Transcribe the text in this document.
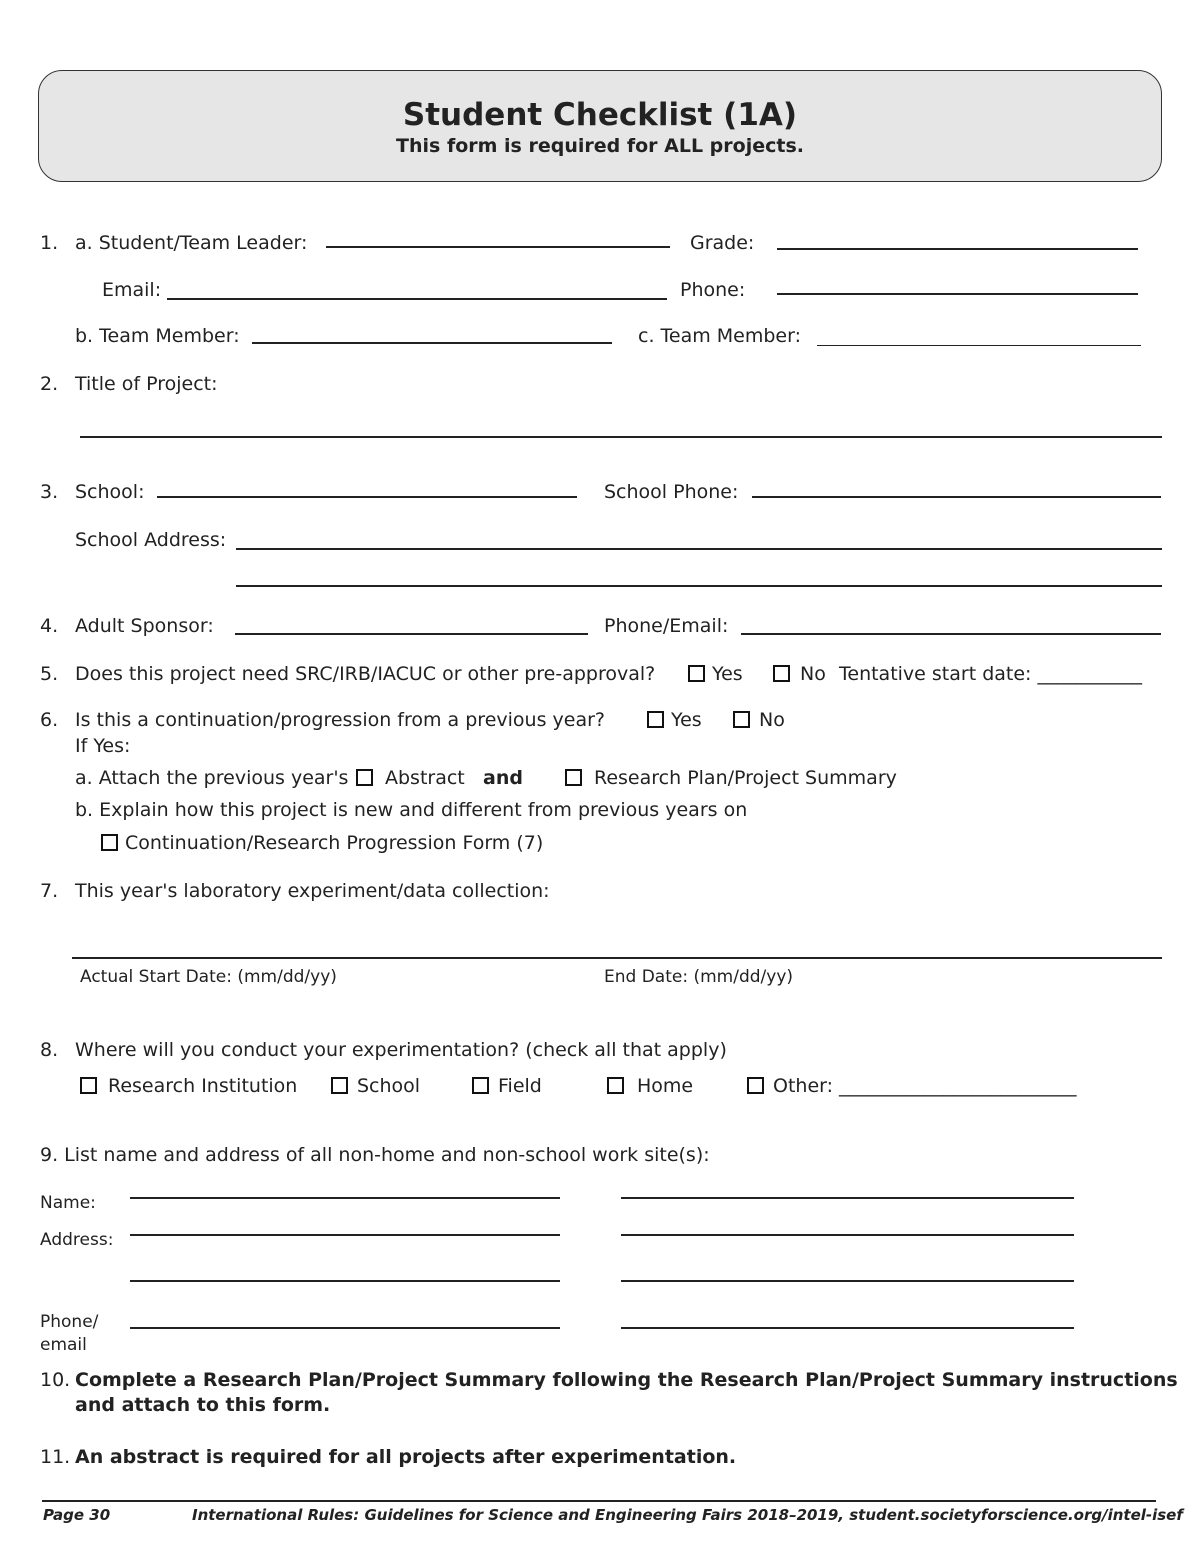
Student Checklist (1A)
This form is required for ALL projects.
1. a. Student/Team Leader:	Grade:
Email:	Phone:
b. Team Member:	c. Team Member:
2. Title of Project:
3. School:	School Phone:
School Address:
4. Adult Sponsor:	Phone/Email:
5. Does this project need SRC/IRB/IACUC or other pre-approval?	Yes	No Tentative start date: ___________
6. Is this a continuation/progression from a previous year?	Yes	No
If Yes:
a. Attach the previous year's Abstract and	Research Plan/Project Summary
b. Explain how this project is new and different from previous years on
Continuation/Research Progression Form (7)
7. This year's laboratory experiment/data collection:
Actual Start Date: (mm/dd/yy)	End Date: (mm/dd/yy)
8. Where will you conduct your experimentation? (check all that apply)
Research Institution	School	Field	Home	Other: _________________________
9. List name and address of all non-home and non-school work site(s):
Name:
Address:
Phone/
email
10. Complete a Research Plan/Project Summary following the Research Plan/Project Summary instructions
and attach to this form.
11. An abstract is required for all projects after experimentation.
Page 30	International Rules: Guidelines for Science and Engineering Fairs 2018–2019, student.societyforscience.org/intel-isef
